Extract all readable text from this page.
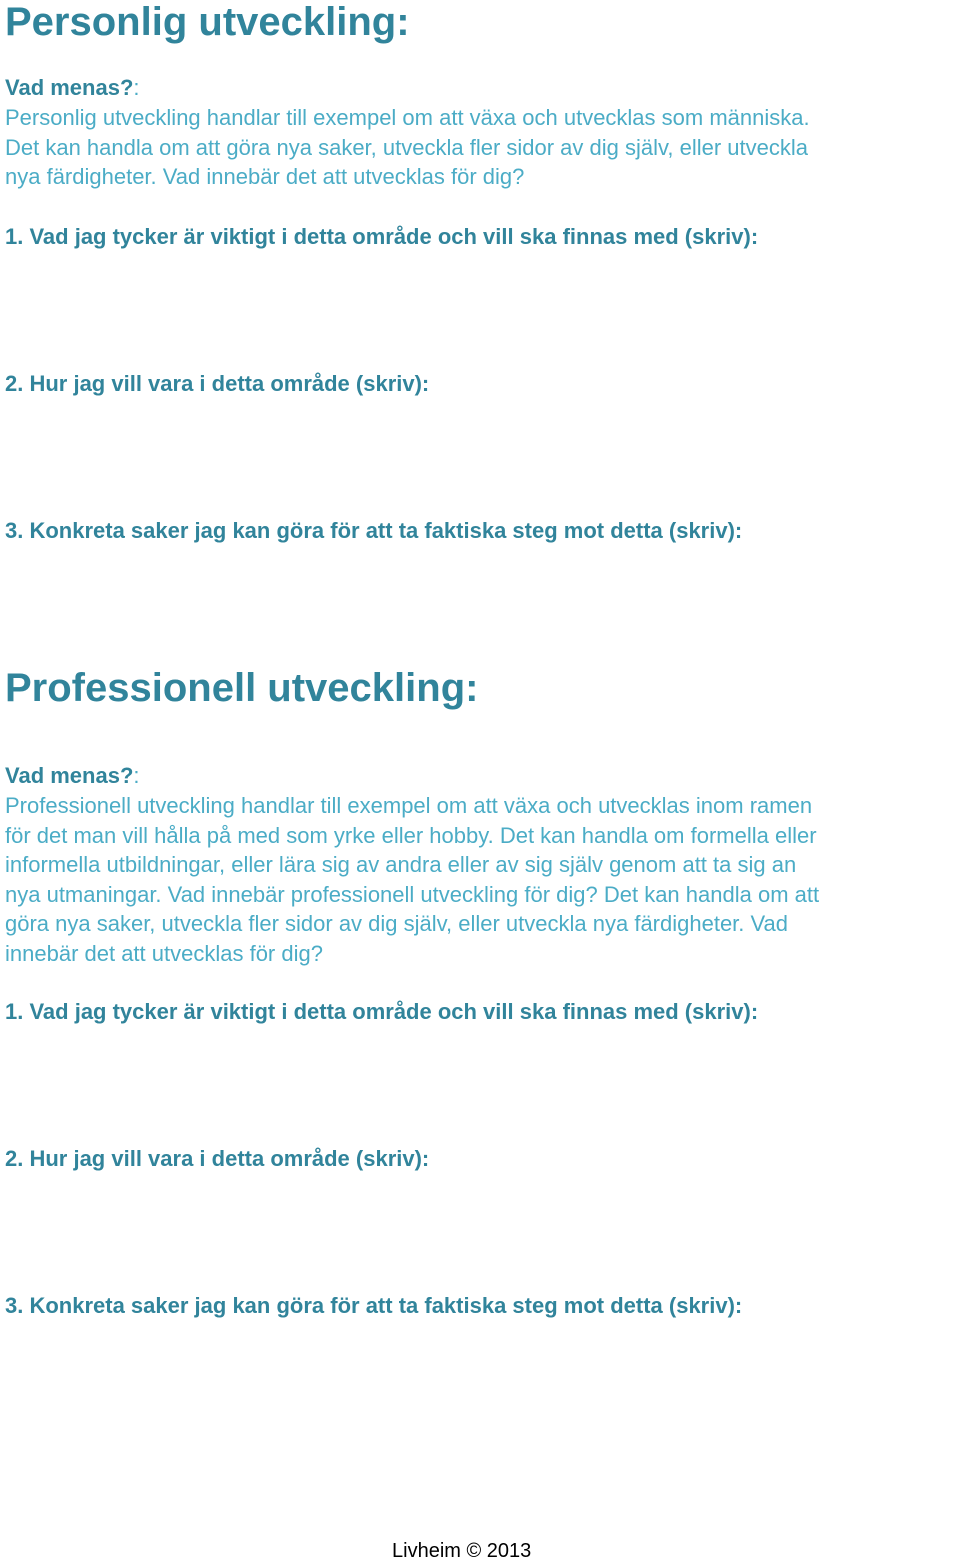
Personlig utveckling:
Vad menas?:
Personlig utveckling handlar till exempel om att växa och utvecklas som människa.
Det kan handla om att göra nya saker, utveckla fler sidor av dig själv, eller utveckla
nya färdigheter. Vad innebär det att utvecklas för dig?
1. Vad jag tycker är viktigt i detta område och vill ska finnas med (skriv):
2. Hur jag vill vara i detta område (skriv):
3. Konkreta saker jag kan göra för att ta faktiska steg mot detta (skriv):
Professionell utveckling:
Vad menas?:
Professionell utveckling handlar till exempel om att växa och utvecklas inom ramen
för det man vill hålla på med som yrke eller hobby. Det kan handla om formella eller
informella utbildningar, eller lära sig av andra eller av sig själv genom att ta sig an
nya utmaningar. Vad innebär professionell utveckling för dig? Det kan handla om att
göra nya saker, utveckla fler sidor av dig själv, eller utveckla nya färdigheter. Vad
innebär det att utvecklas för dig?
1. Vad jag tycker är viktigt i detta område och vill ska finnas med (skriv):
2. Hur jag vill vara i detta område (skriv):
3. Konkreta saker jag kan göra för att ta faktiska steg mot detta (skriv):
Livheim © 2013
